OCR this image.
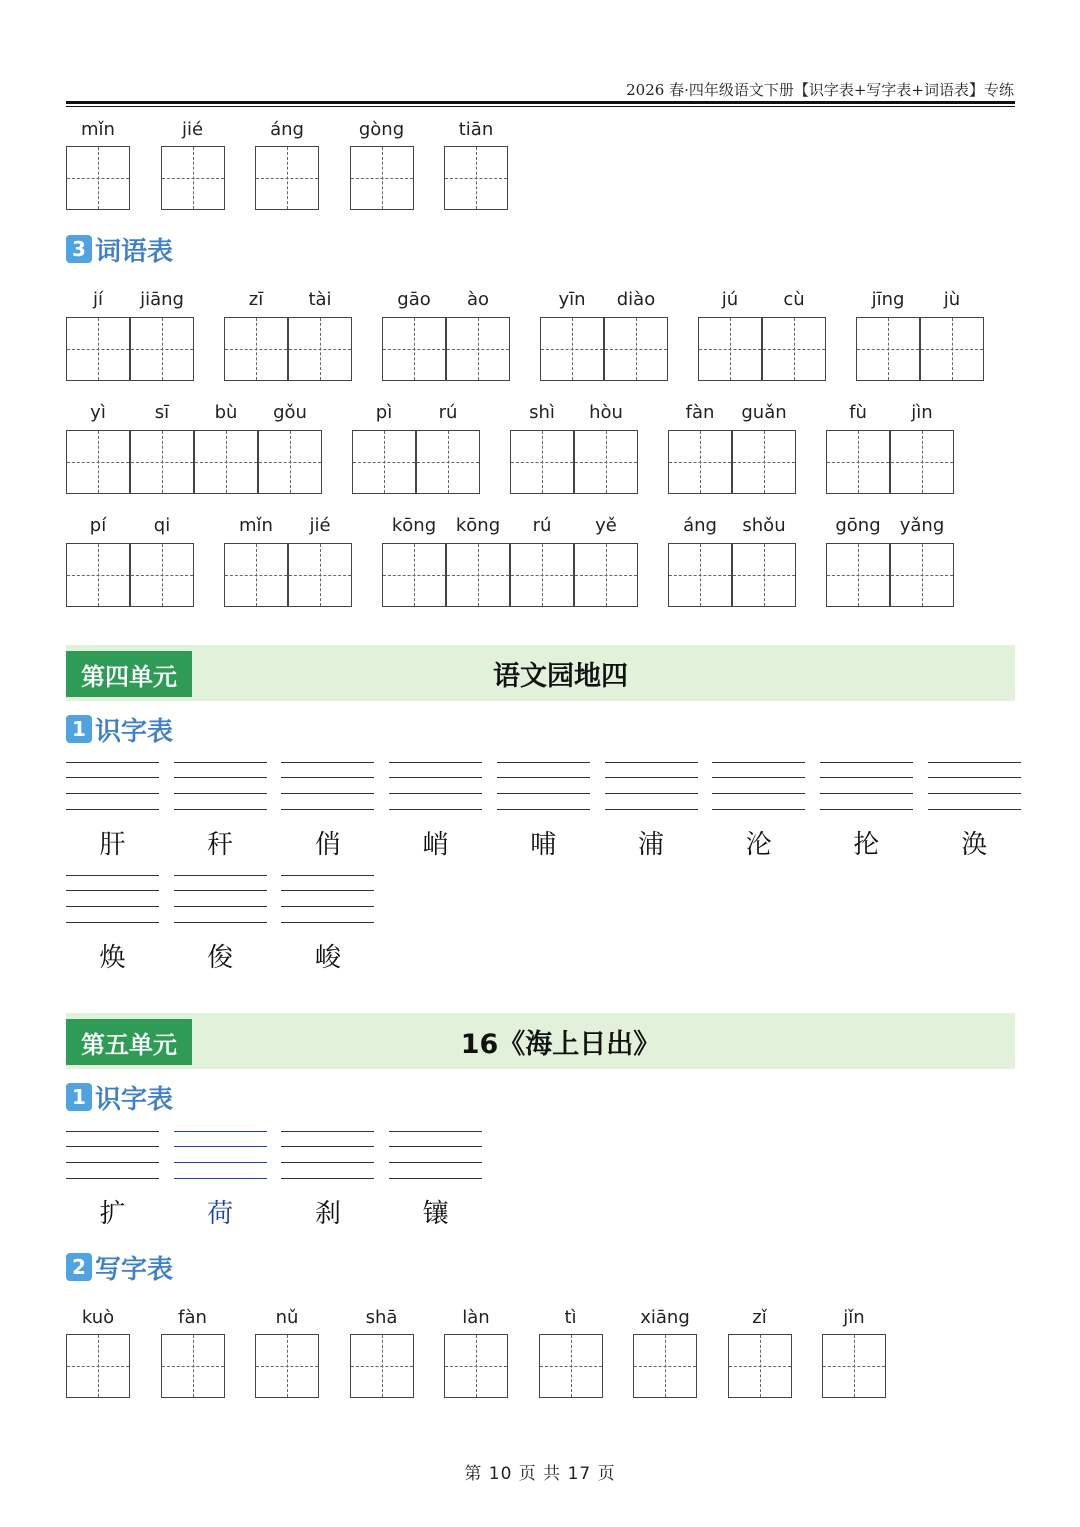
2026 春·四年级语文下册【识字表+写字表+词语表】专练
mǐn	jié	áng	gòng	tiān
3 词语表
jí	jiāng	zī	tài	gāo	ào	yīn	diào	jú	cù	jīng	jù
yì	sī	bù	gǒu	pì	rú	shì	hòu	fàn	guǎn	fù	jìn
pí	qi	mǐn	jié	kōng	kōng	rú	yě	áng	shǒu	gōng	yǎng
第四单元	语文园地四
1 识字表
肝	秆	俏	峭	哺	浦	沦	抡	涣
焕	俊	峻
第五单元	16《海上日出》
1 识字表
扩	荷	刹	镶
2 写字表
kuò	fàn	nǔ	shā	làn	tì	xiāng	zǐ	jǐn
第 10 页 共 17 页
